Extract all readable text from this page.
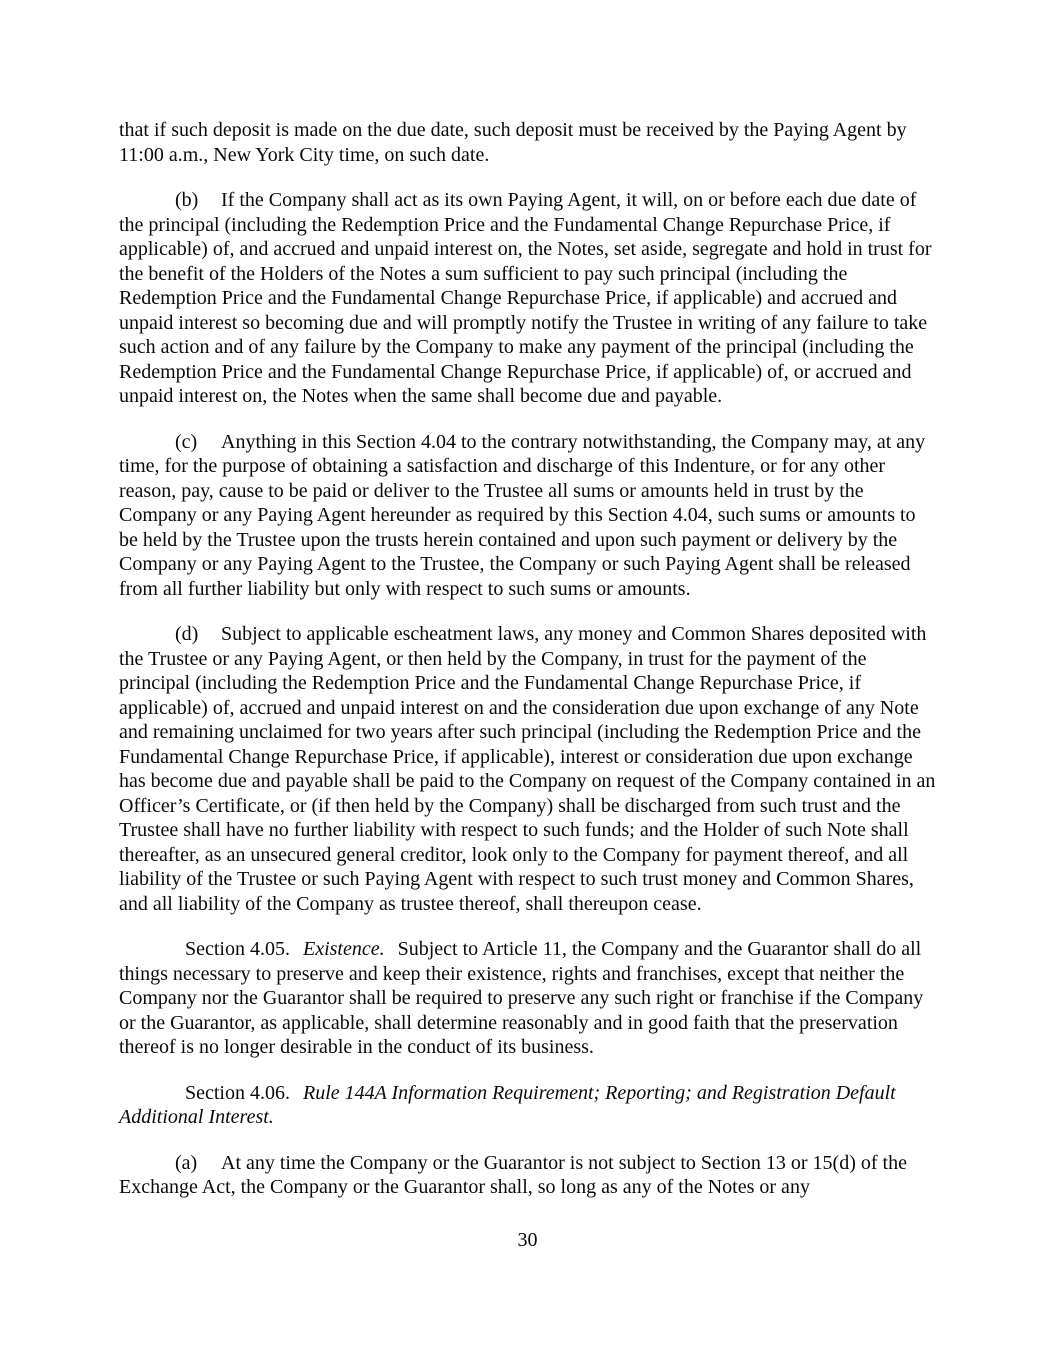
that if such deposit is made on the due date, such deposit must be received by the Paying Agent by 11:00 a.m., New York City time, on such date.

(b) If the Company shall act as its own Paying Agent, it will, on or before each due date of the principal (including the Redemption Price and the Fundamental Change Repurchase Price, if applicable) of, and accrued and unpaid interest on, the Notes, set aside, segregate and hold in trust for the benefit of the Holders of the Notes a sum sufficient to pay such principal (including the Redemption Price and the Fundamental Change Repurchase Price, if applicable) and accrued and unpaid interest so becoming due and will promptly notify the Trustee in writing of any failure to take such action and of any failure by the Company to make any payment of the principal (including the Redemption Price and the Fundamental Change Repurchase Price, if applicable) of, or accrued and unpaid interest on, the Notes when the same shall become due and payable.

(c) Anything in this Section 4.04 to the contrary notwithstanding, the Company may, at any time, for the purpose of obtaining a satisfaction and discharge of this Indenture, or for any other reason, pay, cause to be paid or deliver to the Trustee all sums or amounts held in trust by the Company or any Paying Agent hereunder as required by this Section 4.04, such sums or amounts to be held by the Trustee upon the trusts herein contained and upon such payment or delivery by the Company or any Paying Agent to the Trustee, the Company or such Paying Agent shall be released from all further liability but only with respect to such sums or amounts.

(d) Subject to applicable escheatment laws, any money and Common Shares deposited with the Trustee or any Paying Agent, or then held by the Company, in trust for the payment of the principal (including the Redemption Price and the Fundamental Change Repurchase Price, if applicable) of, accrued and unpaid interest on and the consideration due upon exchange of any Note and remaining unclaimed for two years after such principal (including the Redemption Price and the Fundamental Change Repurchase Price, if applicable), interest or consideration due upon exchange has become due and payable shall be paid to the Company on request of the Company contained in an Officer’s Certificate, or (if then held by the Company) shall be discharged from such trust and the Trustee shall have no further liability with respect to such funds; and the Holder of such Note shall thereafter, as an unsecured general creditor, look only to the Company for payment thereof, and all liability of the Trustee or such Paying Agent with respect to such trust money and Common Shares, and all liability of the Company as trustee thereof, shall thereupon cease.

Section 4.05. Existence. Subject to Article 11, the Company and the Guarantor shall do all things necessary to preserve and keep their existence, rights and franchises, except that neither the Company nor the Guarantor shall be required to preserve any such right or franchise if the Company or the Guarantor, as applicable, shall determine reasonably and in good faith that the preservation thereof is no longer desirable in the conduct of its business.

Section 4.06. Rule 144A Information Requirement; Reporting; and Registration Default Additional Interest.

(a) At any time the Company or the Guarantor is not subject to Section 13 or 15(d) of the Exchange Act, the Company or the Guarantor shall, so long as any of the Notes or any

30
